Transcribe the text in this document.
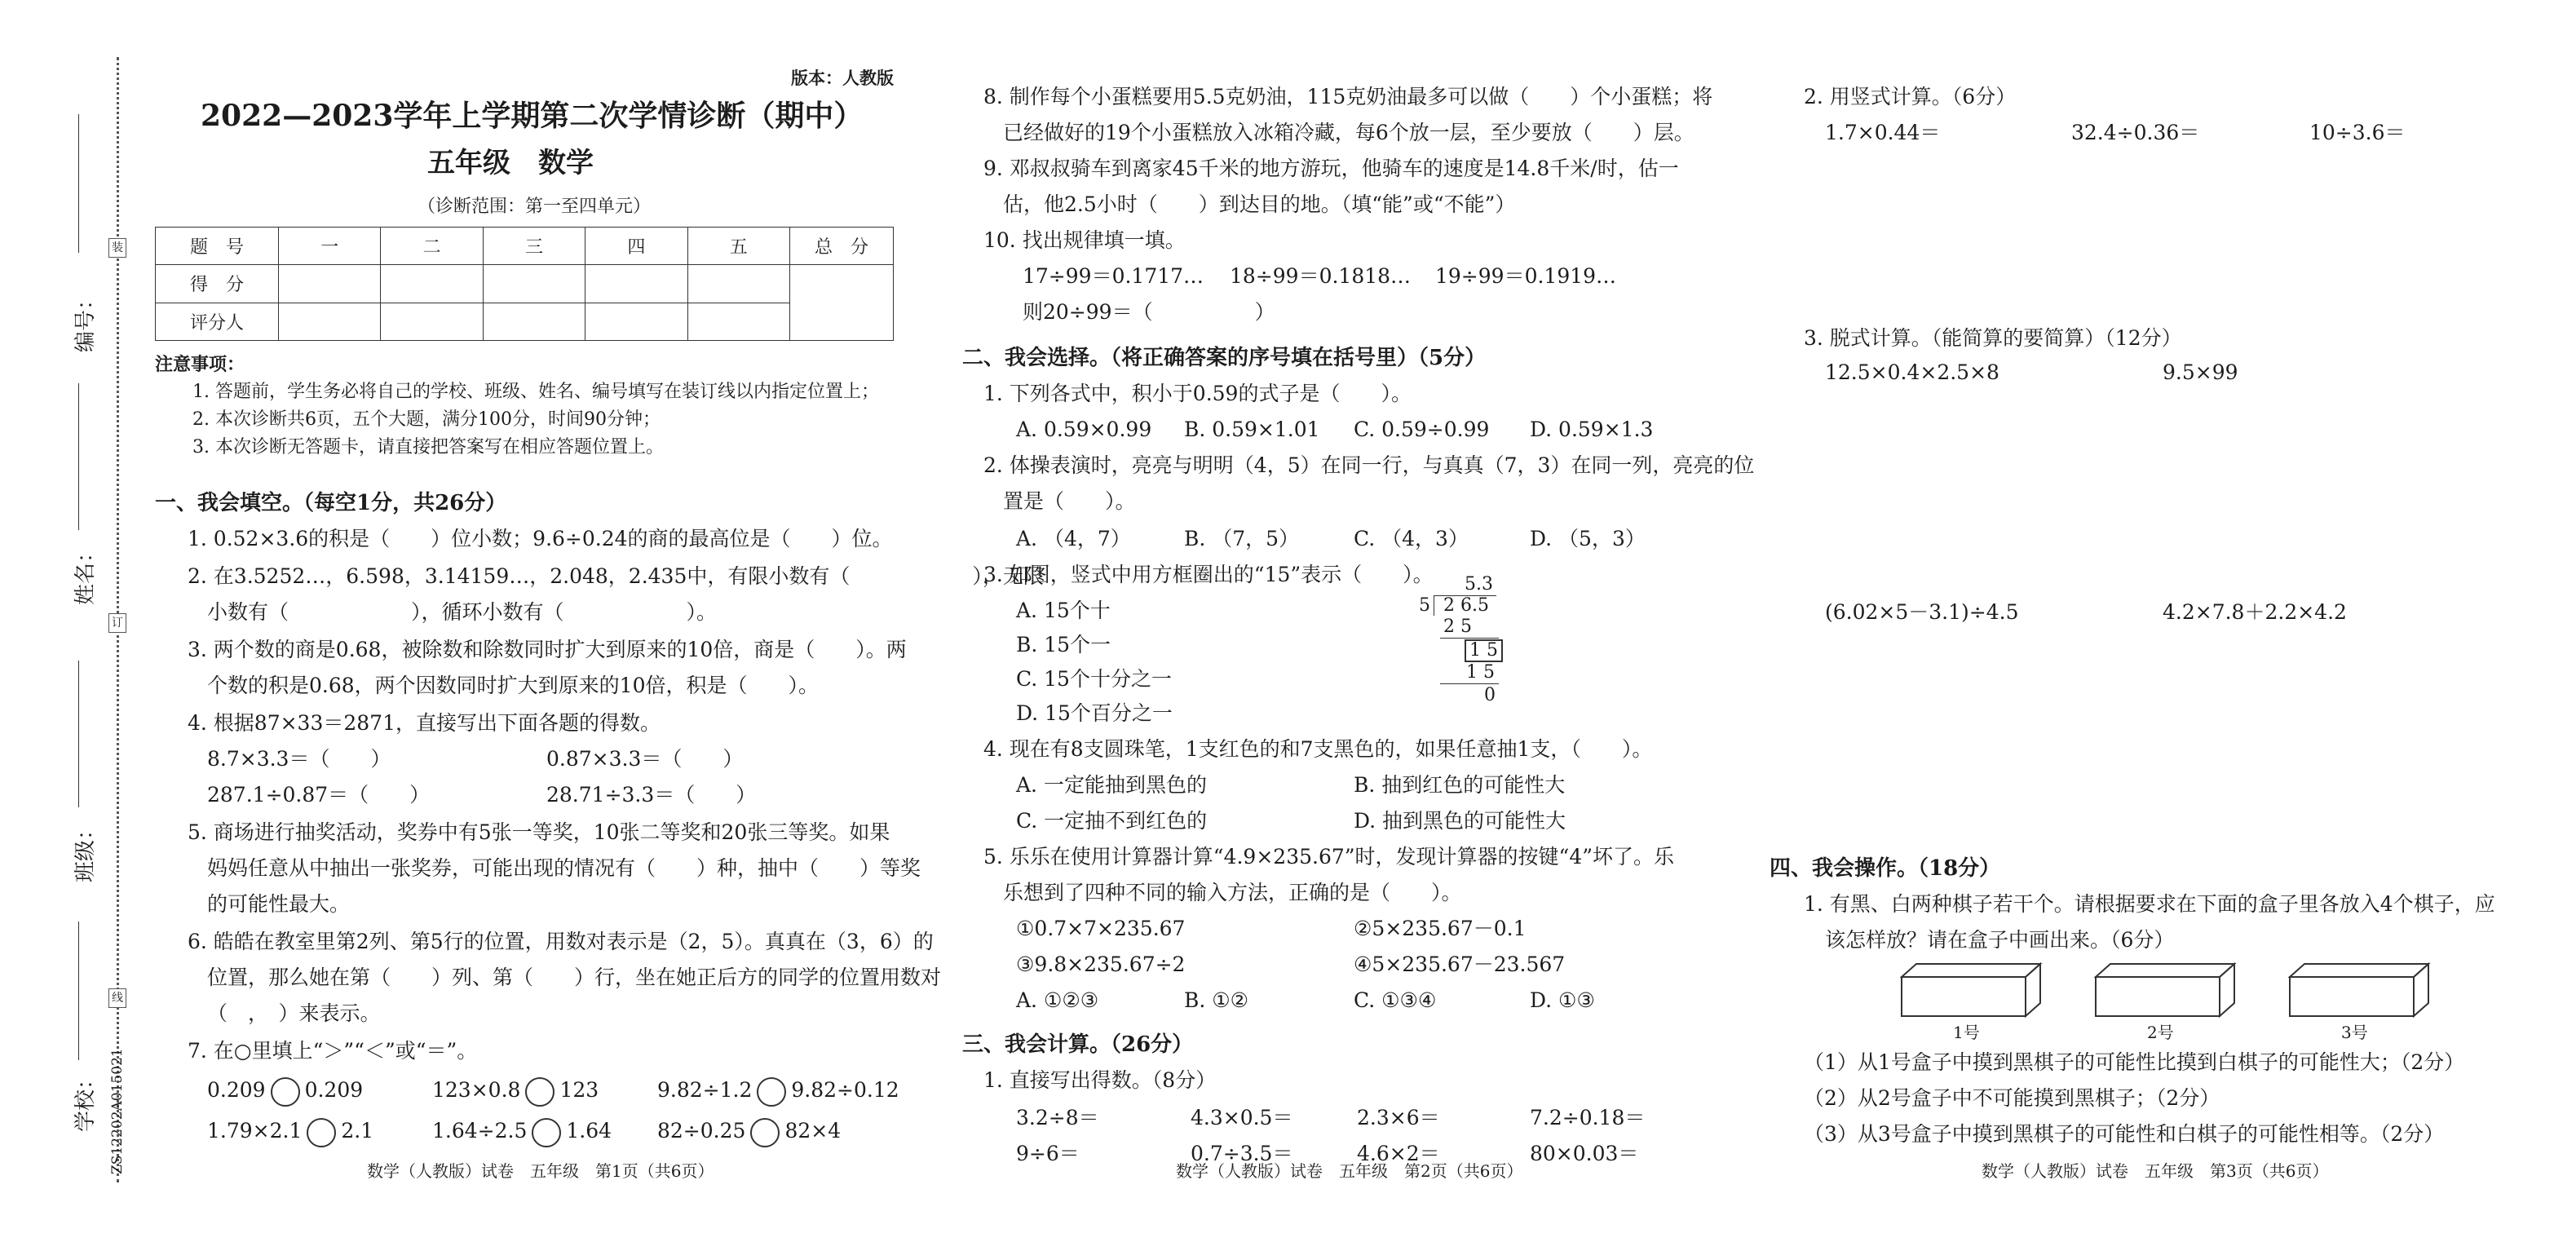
装
订
线
编号：
姓名：
班级：
学校： ZS12202A015021
版本：人教版
2022—2023学年上学期第二次学情诊断（期中）
五年级　数学
（诊断范围：第一至四单元）
题　号	一	二	三	四	五	总　分
得　分						
评分人						
注意事项：
1. 答题前，学生务必将自己的学校、班级、姓名、编号填写在装订线以内指定位置上；
2. 本次诊断共6页，五个大题，满分100分，时间90分钟；
3. 本次诊断无答题卡，请直接把答案写在相应答题位置上。
一、我会填空。（每空1分，共26分）
1. 0.52×3.6的积是（　　）位小数；9.6÷0.24的商的最高位是（　　）位。
2. 在3.5252…，6.598，3.14159…，2.048，2.435中，有限小数有（　　　　　　），无限
小数有（　　　　　　），循环小数有（　　　　　　）。
3. 两个数的商是0.68，被除数和除数同时扩大到原来的10倍，商是（　　）。两
个数的积是0.68，两个因数同时扩大到原来的10倍，积是（　　）。
4. 根据87×33＝2871，直接写出下面各题的得数。
8.7×3.3＝（　　）	0.87×3.3＝（　　）
287.1÷0.87＝（　　）	28.71÷3.3＝（　　）
5. 商场进行抽奖活动，奖券中有5张一等奖，10张二等奖和20张三等奖。如果
妈妈任意从中抽出一张奖券，可能出现的情况有（　　）种，抽中（　　）等奖
的可能性最大。
6. 皓皓在教室里第2列、第5行的位置，用数对表示是（2，5）。真真在（3，6）的
位置，那么她在第（　　）列、第（　　）行，坐在她正后方的同学的位置用数对
（　，　）来表示。
7. 在○里填上“＞”“＜”或“＝”。
0.209 0.209	123×0.8 123	9.82÷1.2 9.82÷0.12
1.79×2.1 2.1	1.64÷2.5 1.64 82÷0.25 82×4
数学（人教版）试卷　五年级　第1页（共6页）
8. 制作每个小蛋糕要用5.5克奶油，115克奶油最多可以做（　　）个小蛋糕；将
已经做好的19个小蛋糕放入冰箱冷藏，每6个放一层，至少要放（　　）层。
9. 邓叔叔骑车到离家45千米的地方游玩，他骑车的速度是14.8千米/时，估一
估，他2.5小时（　　）到达目的地。（填“能”或“不能”）
10. 找出规律填一填。
17÷99＝0.1717… 18÷99＝0.1818… 19÷99＝0.1919…
则20÷99＝（　　　　　）
二、我会选择。（将正确答案的序号填在括号里）（5分）
1. 下列各式中，积小于0.59的式子是（　　）。
A. 0.59×0.99 B. 0.59×1.01 C. 0.59÷0.99 D. 0.59×1.3
2. 体操表演时，亮亮与明明（4，5）在同一行，与真真（7，3）在同一列，亮亮的位
置是（　　）。
A. （4，7）	B. （7，5）	C. （4，3）	D. （5，3）
3. 如图，竖式中用方框圈出的“15”表示（　　）。
A. 15个十
B. 15个一
C. 15个十分之一
D. 15个百分之一
5.3
5 2 6.5
2 5
1 5
1 5
0
4. 现在有8支圆珠笔，1支红色的和7支黑色的，如果任意抽1支，（　　）。
A. 一定能抽到黑色的	B. 抽到红色的可能性大
C. 一定抽不到红色的	D. 抽到黑色的可能性大
5. 乐乐在使用计算器计算“4.9×235.67”时，发现计算器的按键“4”坏了。乐
乐想到了四种不同的输入方法，正确的是（　　）。
①0.7×7×235.67	②5×235.67－0.1
③9.8×235.67÷2	④5×235.67－23.567
A. ①②③	B. ①②	C. ①③④	D. ①③
三、我会计算。（26分）
1. 直接写出得数。（8分）
3.2÷8＝	4.3×0.5＝	2.3×6＝	7.2÷0.18＝
9÷6＝	0.7÷3.5＝	4.6×2＝	80×0.03＝
数学（人教版）试卷　五年级　第2页（共6页）
2. 用竖式计算。（6分）
1.7×0.44＝	32.4÷0.36＝	10÷3.6＝
3. 脱式计算。（能简算的要简算）（12分）
12.5×0.4×2.5×8	9.5×99
(6.02×5－3.1)÷4.5	4.2×7.8＋2.2×4.2
四、我会操作。（18分）
1. 有黑、白两种棋子若干个。请根据要求在下面的盒子里各放入4个棋子，应
该怎样放？请在盒子中画出来。（6分）
1号	2号	3号
（1）从1号盒子中摸到黑棋子的可能性比摸到白棋子的可能性大；（2分）
（2）从2号盒子中不可能摸到黑棋子；（2分）
（3）从3号盒子中摸到黑棋子的可能性和白棋子的可能性相等。（2分）
数学（人教版）试卷　五年级　第3页（共6页）
